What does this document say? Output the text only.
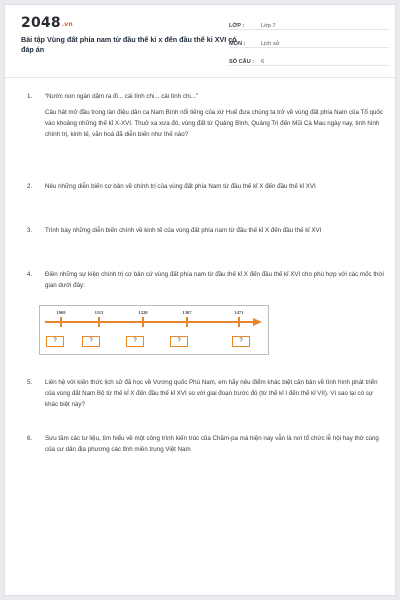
$2048_{.vn}$
Bài tập Vùng đất phía nam từ đầu thế kỉ x đến đầu thế kỉ XVI có đáp án
LỚP :	Lớp 7
MÔN :	Lịch sử
SỐ CÂU :	6
1.	“Nước non ngàn dặm ra đi... cái tình chi... cái tình chi...”

Câu hát mở đầu trong làn điệu dân ca Nam Bình nổi tiếng của xứ Huế đưa chúng ta trở về vùng đất phía Nam của Tổ quốc vào khoảng những thế kỉ X-XVI. Thuở xa xưa đó, vùng đất từ Quảng Bình, Quảng Trị đến Mũi Cà Mau ngày nay, tình hình chính trị, kinh tế, văn hoá đã diễn biến như thế nào?

2.	Nêu những diễn biến cơ bản về chính trị của vùng đất phía Nam từ đầu thế kỉ X đến đầu thế kỉ XVI

3.	Trình bày những diễn biến chính về kinh tế của vùng đất phía nam từ đầu thế kỉ X đến đầu thế kỉ XVI

4.	Điền những sự kiện chính trị cơ bản cứ vùng đất phía nam từ đầu thế kỉ X đến đầu thế kỉ XVI cho phù hợp với các mốc thời gian dưới đây:

5.	Liên hệ với kiến thức lịch sử đã học về Vương quốc Phù Nam, em hãy nêu điểm khác biệt căn bản về tình hình phát triển của vùng đất Nam Bộ từ thế kỉ X đến đầu thế kỉ XVI so với giai đoạn trước đó (từ thế kỉ I đến thế kỉ VII). Vì sao lại có sự khác biệt này?

6.	Sưu tầm các tư liệu, tìm hiểu về một công trình kiến trúc của Chăm-pa mà hiện nay vẫn là nơi tổ chức lễ hội hay thờ cúng của cư dân địa phương các tỉnh miền trung Việt Nam

1069	1113	1220	1307	1471
?	?	?	?	?
